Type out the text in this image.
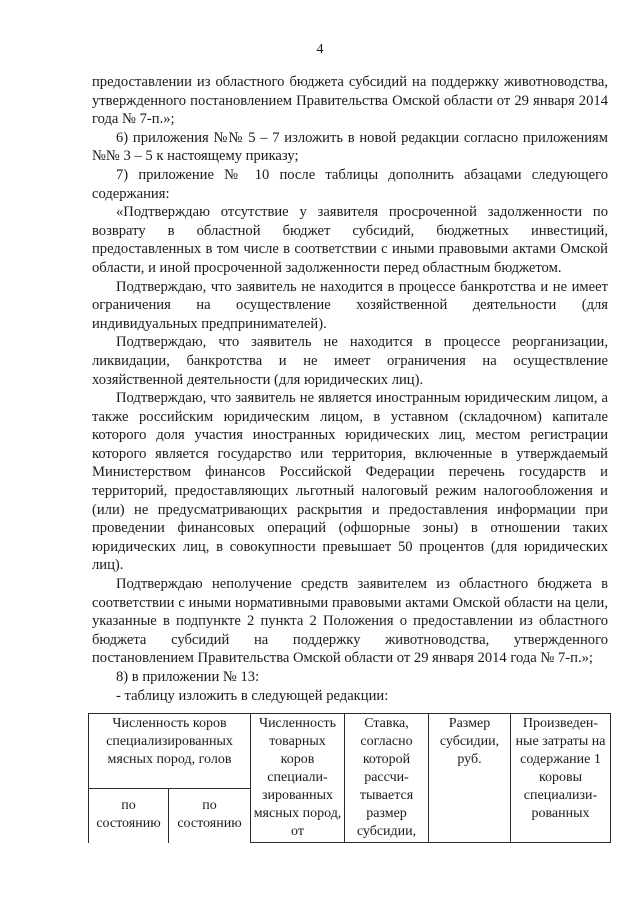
4

предоставлении из областного бюджета субсидий на поддержку животноводства, утвержденного постановлением Правительства Омской области от 29 января 2014 года № 7-п.»;

6) приложения №№ 5 – 7 изложить в новой редакции согласно приложениям №№ 3 – 5 к настоящему приказу;

7) приложение № 10 после таблицы дополнить абзацами следующего содержания:

«Подтверждаю отсутствие у заявителя просроченной задолженности по возврату в областной бюджет субсидий, бюджетных инвестиций, предоставленных в том числе в соответствии с иными правовыми актами Омской области, и иной просроченной задолженности перед областным бюджетом.

Подтверждаю, что заявитель не находится в процессе банкротства и не имеет ограничения на осуществление хозяйственной деятельности (для индивидуальных предпринимателей).

Подтверждаю, что заявитель не находится в процессе реорганизации, ликвидации, банкротства и не имеет ограничения на осуществление хозяйственной деятельности (для юридических лиц).

Подтверждаю, что заявитель не является иностранным юридическим лицом, а также российским юридическим лицом, в уставном (складочном) капитале которого доля участия иностранных юридических лиц, местом регистрации которого является государство или территория, включенные в утверждаемый Министерством финансов Российской Федерации перечень государств и территорий, предоставляющих льготный налоговый режим налогообложения и (или) не предусматривающих раскрытия и предоставления информации при проведении финансовых операций (офшорные зоны) в отношении таких юридических лиц, в совокупности превышает 50 процентов (для юридических лиц).

Подтверждаю неполучение средств заявителем из областного бюджета в соответствии с иными нормативными правовыми актами Омской области на цели, указанные в подпункте 2 пункта 2 Положения о предоставлении из областного бюджета субсидий на поддержку животноводства, утвержденного постановлением Правительства Омской области от 29 января 2014 года № 7-п.»;

8) в приложении № 13:

- таблицу изложить в следующей редакции:

Численность коров специализированных мясных пород, голов		Численность товарных коров специали-зированных мясных пород, от	Ставка, согласно которой рассчи-тывается размер субсидии,	Размер субсидии, руб.	Произведен-ные затраты на содержание 1 коровы специализи-рованных
по состоянию	по состоянию				
